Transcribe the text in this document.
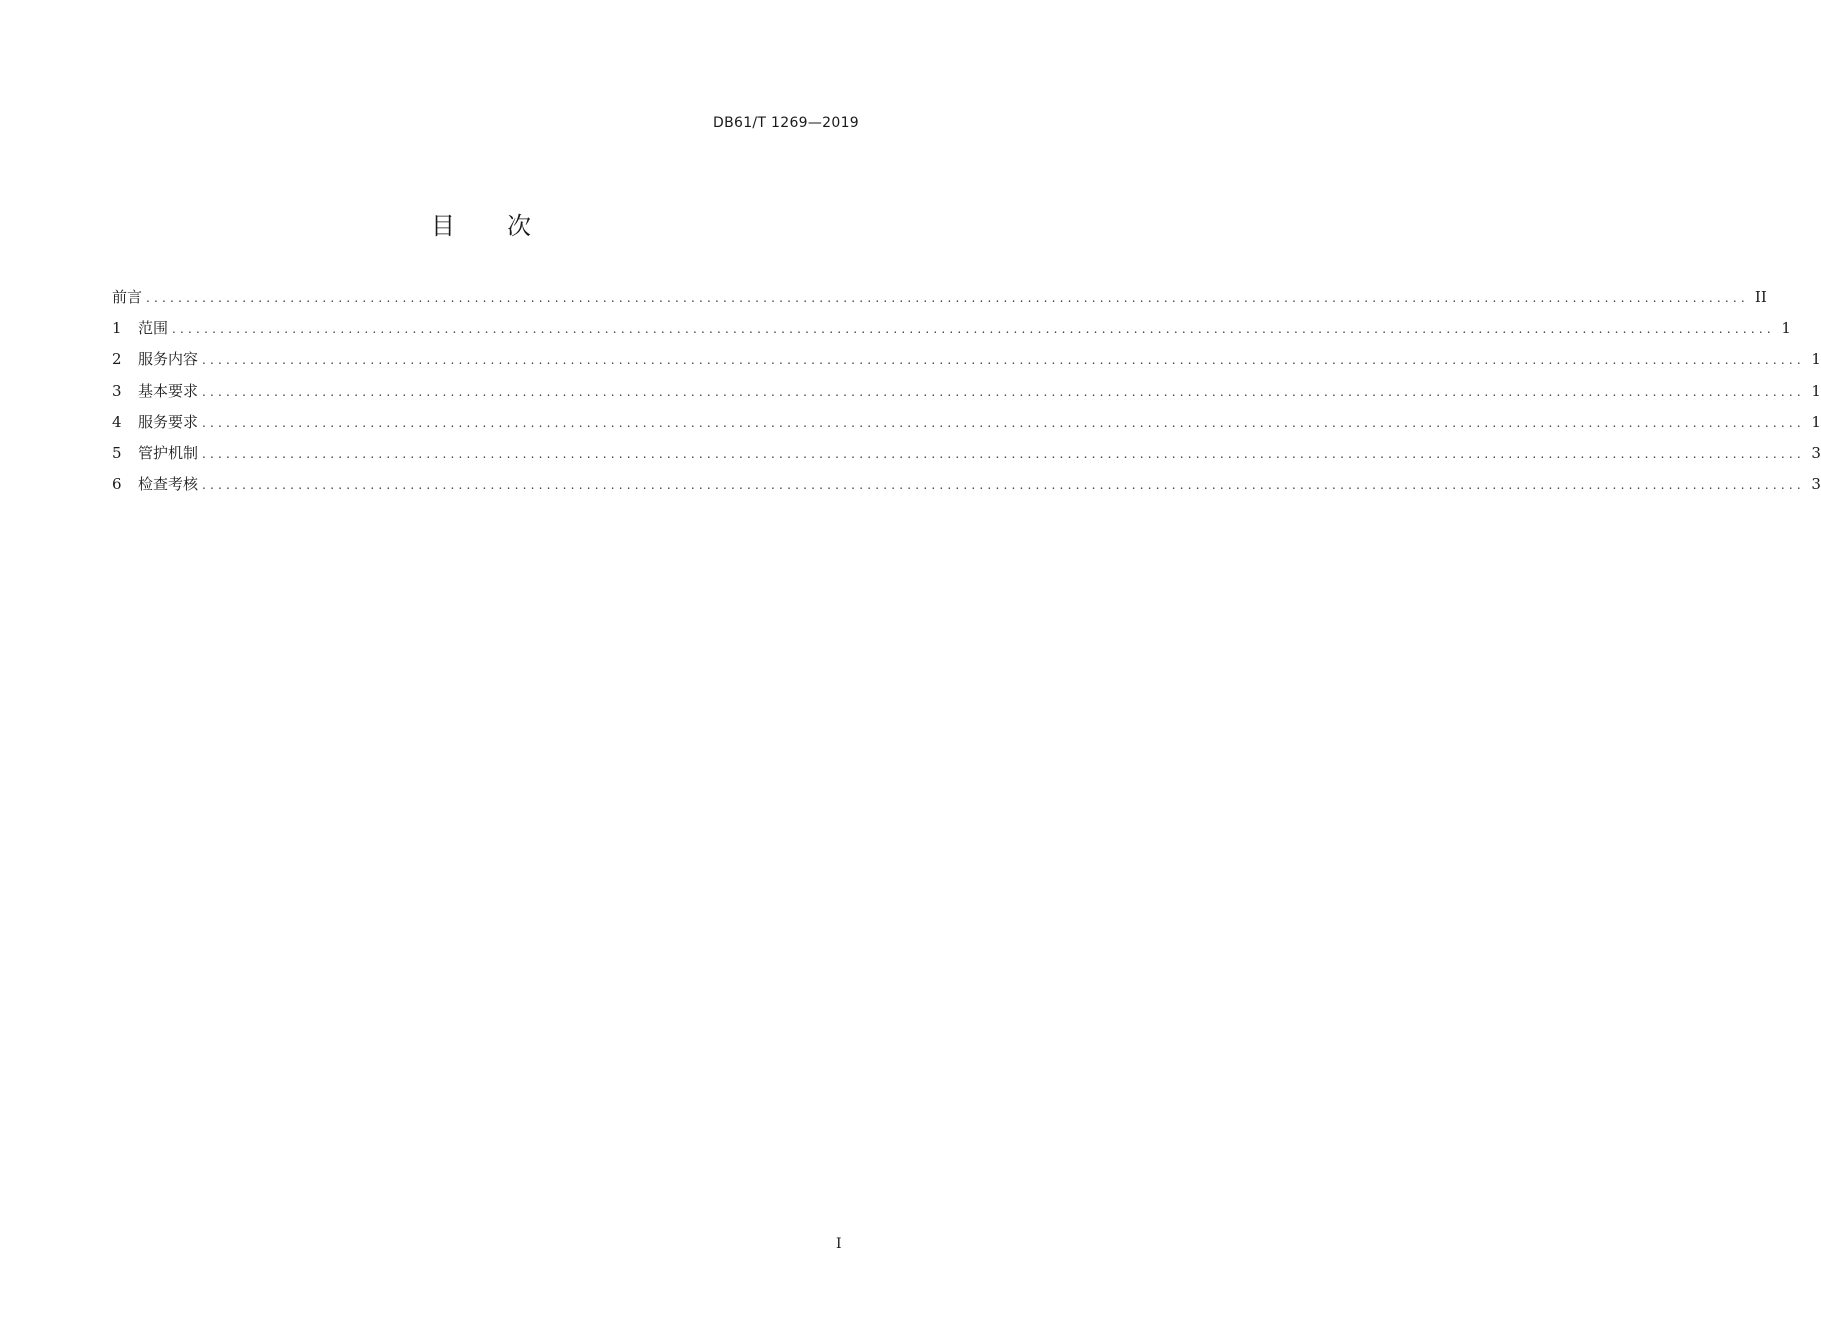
DB61/T 1269—2019
目 次
前言 ........................................................................................................................................................................................................ II
1	范围 ........................................................................................................................................................................................................ 1
2	服务内容 ........................................................................................................................................................................................................ 1
3	基本要求 ........................................................................................................................................................................................................ 1
4	服务要求 ........................................................................................................................................................................................................ 1
5	管护机制 ........................................................................................................................................................................................................ 3
6	检查考核 ........................................................................................................................................................................................................ 3
I
